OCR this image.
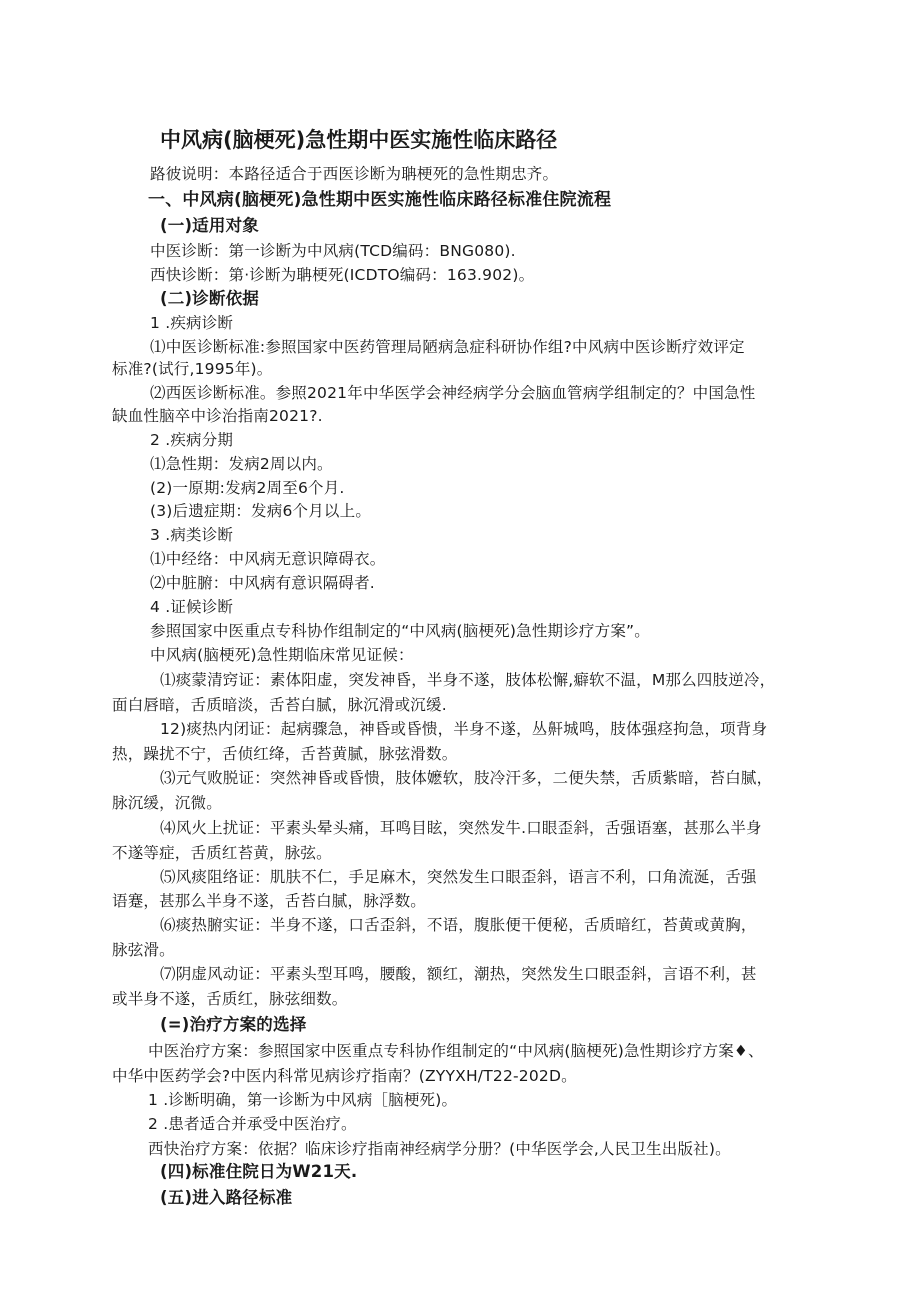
中风病(脑梗死)急性期中医实施性临床路径
路彼说明：本路径适合于西医诊断为聃梗死的急性期忠齐。
一、中风病(脑梗死)急性期中医实施性临床路径标准住院流程
(一)适用对象
中医诊断：第一诊断为中风病(TCD编码：BNG080).
西快诊断：第·诊断为聃梗死(ICDTO编码：163.902)。
(二)诊断依据
1 .疾病诊断
⑴中医诊断标准:参照国家中医药管理局陋病急症科研协作组?中风病中医诊断疗效评定
标准?(试行,1995年)。
⑵西医诊断标准。参照2021年中华医学会神经病学分会脑血管病学组制定的？中国急性
缺血性脑卒中诊治指南2021?.
2 .疾病分期
⑴急性期：发病2周以内。
(2)一原期:发病2周至6个月.
(3)后遗症期：发病6个月以上。
3 .病类诊断
⑴中经络：中风病无意识障碍衣。
⑵中脏腑：中风病有意识隔碍者.
4 .证候诊断
参照国家中医重点专科协作组制定的“中风病(脑梗死)急性期诊疗方案”。
中风病(脑梗死)急性期临床常见证候：
⑴痰蒙清窍证：素体阳虚，突发神昏，半身不遂，肢体松懈,癖软不温，M那么四肢逆冷，
面白唇暗，舌质暗淡，舌苔白腻，脉沉滑或沉缓.
12)痰热内闭证：起病骤急，神昏或昏愦，半身不遂，丛鼾城鸣，肢体强痉拘急，项背身
热，躁扰不宁，舌侦红绛，舌苔黄腻，脉弦滑数。
⑶元气败脱证：突然神昏或昏愦，肢体嬷软，肢冷汗多，二便失禁，舌质紫暗，苔白腻，
脉沉缓，沉微。
⑷风火上扰证：平素头晕头痛，耳鸣目眩，突然发牛.口眼歪斜，舌强语塞，甚那么半身
不遂等症，舌质红苔黄，脉弦。
⑸风痰阻络证：肌肤不仁，手足麻木，突然发生口眼歪斜，语言不利，口角流涎，舌强
语蹇，甚那么半身不遂，舌苔白腻，脉浮数。
⑹痰热腑实证：半身不遂，口舌歪斜，不语，腹胀便干便秘，舌质暗红，苔黄或黄胸，
脉弦滑。
⑺阴虚风动证：平素头型耳鸣，腰酸，额红，潮热，突然发生口眼歪斜，言语不利，甚
或半身不遂，舌质红，脉弦细数。
(=)治疗方案的选择
中医治疗方案：参照国家中医重点专科协作组制定的“中风病(脑梗死)急性期诊疗方案♦、
中华中医药学会?中医内科常见病诊疗指南？(ZYYXH/T22-202D。
1 .诊断明确，第一诊断为中风病［脑梗死)。
2 .患者适合并承受中医治疗。
西快治疗方案：依据？临床诊疗指南神经病学分册？(中华医学会,人民卫生出版社)。
(四)标准住院日为W21天.
(五)进入路径标准
